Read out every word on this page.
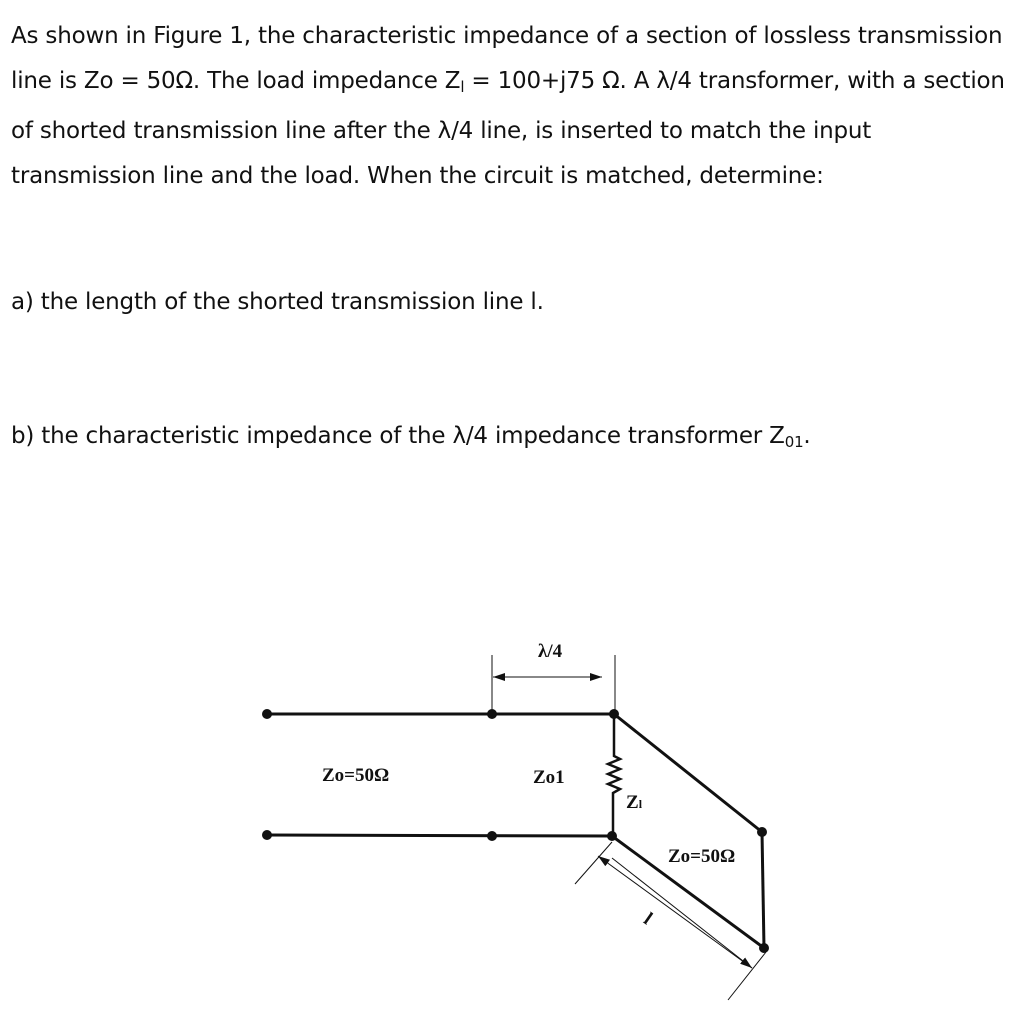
As shown in Figure 1, the characteristic impedance of a section of lossless transmission line is Zo = 50Ω. The load impedance $Z_l = 100+j75$ Ω. A λ/4 transformer, with a section of shorted transmission line after the λ/4 line, is inserted to match the input transmission line and the load. When the circuit is matched, determine:
a) the length of the shorted transmission line l.
b) the characteristic impedance of the λ/4 impedance transformer $Z_{01}$.
λ/4
Zo=50Ω	Zo1
Zl
Zo=50Ω
l
